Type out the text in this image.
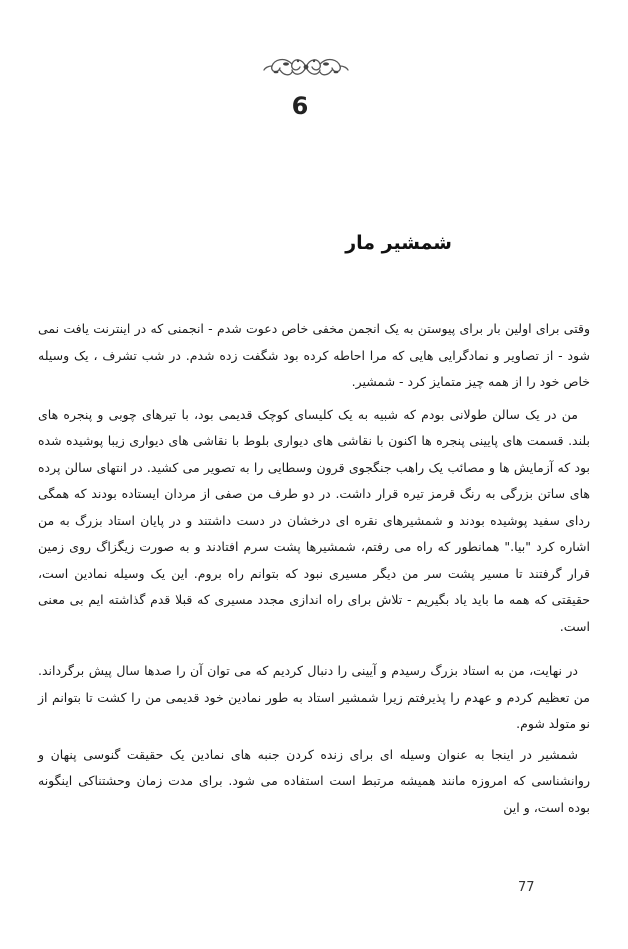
6
شمشیر مار

وقتی برای اولین بار برای پیوستن به یک انجمن مخفی خاص دعوت شدم - انجمنی که در اینترنت یافت نمی شود - از تصاویر و نمادگرایی هایی که مرا احاطه کرده بود شگفت زده شدم. در شب تشرف ، یک وسیله خاص خود را از همه چیز متمایز کرد - شمشیر.

من در یک سالن طولانی بودم که شبیه به یک کلیسای کوچک قدیمی بود، با تیرهای چوبی و پنجره های بلند. قسمت های پایینی پنجره ها اکنون با نقاشی های دیواری بلوط با نقاشی های دیواری زیبا پوشیده شده بود که آزمایش ها و مصائب یک راهب جنگجوی قرون وسطایی را به تصویر می کشید. در انتهای سالن پرده های ساتن بزرگی به رنگ قرمز تیره قرار داشت. در دو طرف من صفی از مردان ایستاده بودند که همگی ردای سفید پوشیده بودند و شمشیرهای نقره ای درخشان در دست داشتند و در پایان استاد بزرگ به من اشاره کرد "بیا." همانطور که راه می رفتم، شمشیرها پشت سرم افتادند و به صورت زیگزاگ روی زمین قرار گرفتند تا مسیر پشت سر من دیگر مسیری نبود که بتوانم راه بروم. این یک وسیله نمادین است، حقیقتی که همه ما باید یاد بگیریم - تلاش برای راه اندازی مجدد مسیری که قبلا قدم گذاشته ایم بی معنی است.

در نهایت، من به استاد بزرگ رسیدم و آیینی را دنبال کردیم که می توان آن را صدها سال پیش برگرداند. من تعظیم کردم و عهدم را پذیرفتم زیرا شمشیر استاد به طور نمادین خود قدیمی من را کشت تا بتوانم از نو متولد شوم.

شمشیر در اینجا به عنوان وسیله ای برای زنده کردن جنبه های نمادین یک حقیقت گنوسی پنهان و روانشناسی که امروزه مانند همیشه مرتبط است استفاده می شود. برای مدت زمان وحشتناکی اینگونه بوده است، و این

77
